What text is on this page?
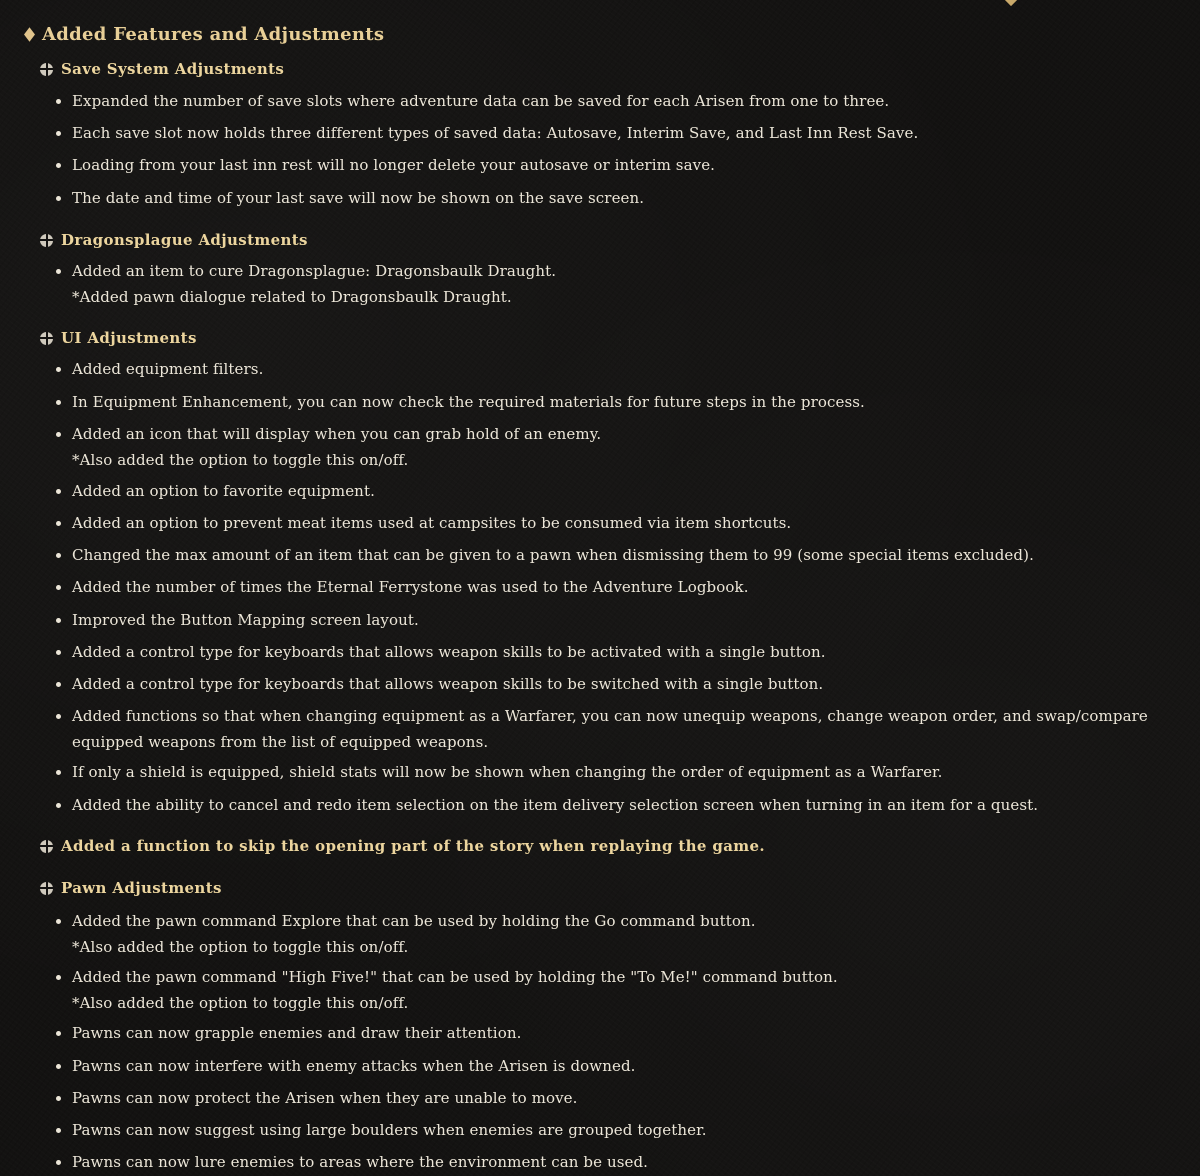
Added Features and Adjustments
Save System Adjustments
Expanded the number of save slots where adventure data can be saved for each Arisen from one to three.
Each save slot now holds three different types of saved data: Autosave, Interim Save, and Last Inn Rest Save.
Loading from your last inn rest will no longer delete your autosave or interim save.
The date and time of your last save will now be shown on the save screen.
Dragonsplague Adjustments
Added an item to cure Dragonsplague: Dragonsbaulk Draught.
*Added pawn dialogue related to Dragonsbaulk Draught.
UI Adjustments
Added equipment filters.
In Equipment Enhancement, you can now check the required materials for future steps in the process.
Added an icon that will display when you can grab hold of an enemy.
*Also added the option to toggle this on/off.
Added an option to favorite equipment.
Added an option to prevent meat items used at campsites to be consumed via item shortcuts.
Changed the max amount of an item that can be given to a pawn when dismissing them to 99 (some special items excluded).
Added the number of times the Eternal Ferrystone was used to the Adventure Logbook.
Improved the Button Mapping screen layout.
Added a control type for keyboards that allows weapon skills to be activated with a single button.
Added a control type for keyboards that allows weapon skills to be switched with a single button.
Added functions so that when changing equipment as a Warfarer, you can now unequip weapons, change weapon order, and swap/compare equipped weapons from the list of equipped weapons.
If only a shield is equipped, shield stats will now be shown when changing the order of equipment as a Warfarer.
Added the ability to cancel and redo item selection on the item delivery selection screen when turning in an item for a quest.
Added a function to skip the opening part of the story when replaying the game.
Pawn Adjustments
Added the pawn command Explore that can be used by holding the Go command button.
*Also added the option to toggle this on/off.
Added the pawn command "High Five!" that can be used by holding the "To Me!" command button.
*Also added the option to toggle this on/off.
Pawns can now grapple enemies and draw their attention.
Pawns can now interfere with enemy attacks when the Arisen is downed.
Pawns can now protect the Arisen when they are unable to move.
Pawns can now suggest using large boulders when enemies are grouped together.
Pawns can now lure enemies to areas where the environment can be used.
